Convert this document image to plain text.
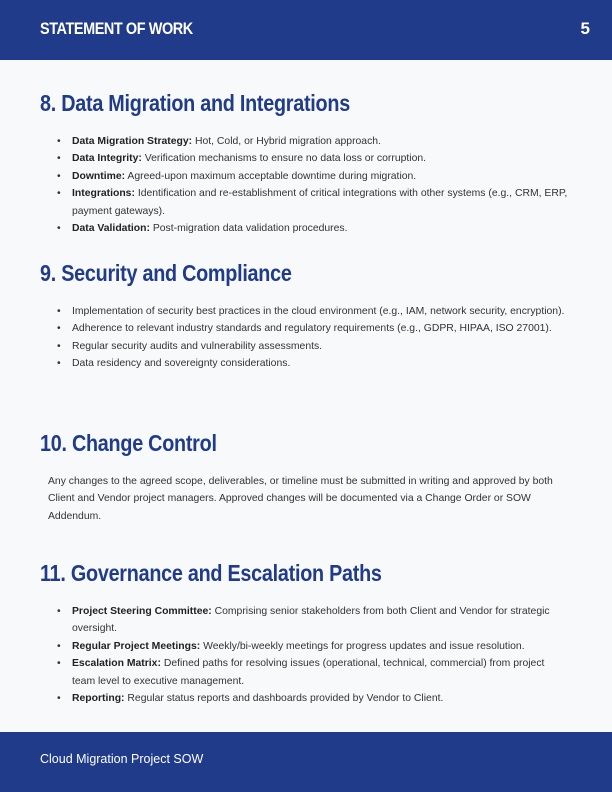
STATEMENT OF WORK	5
8. Data Migration and Integrations
• Data Migration Strategy: Hot, Cold, or Hybrid migration approach.
• Data Integrity: Verification mechanisms to ensure no data loss or corruption.
• Downtime: Agreed-upon maximum acceptable downtime during migration.
• Integrations: Identification and re-establishment of critical integrations with other systems (e.g., CRM, ERP, payment gateways).
• Data Validation: Post-migration data validation procedures.
9. Security and Compliance
• Implementation of security best practices in the cloud environment (e.g., IAM, network security, encryption).
• Adherence to relevant industry standards and regulatory requirements (e.g., GDPR, HIPAA, ISO 27001).
• Regular security audits and vulnerability assessments.
• Data residency and sovereignty considerations.
10. Change Control

Any changes to the agreed scope, deliverables, or timeline must be submitted in writing and approved by both Client and Vendor project managers. Approved changes will be documented via a Change Order or SOW Addendum.

11. Governance and Escalation Paths
• Project Steering Committee: Comprising senior stakeholders from both Client and Vendor for strategic oversight.
• Regular Project Meetings: Weekly/bi-weekly meetings for progress updates and issue resolution.
• Escalation Matrix: Defined paths for resolving issues (operational, technical, commercial) from project team level to executive management.
• Reporting: Regular status reports and dashboards provided by Vendor to Client.
Cloud Migration Project SOW
